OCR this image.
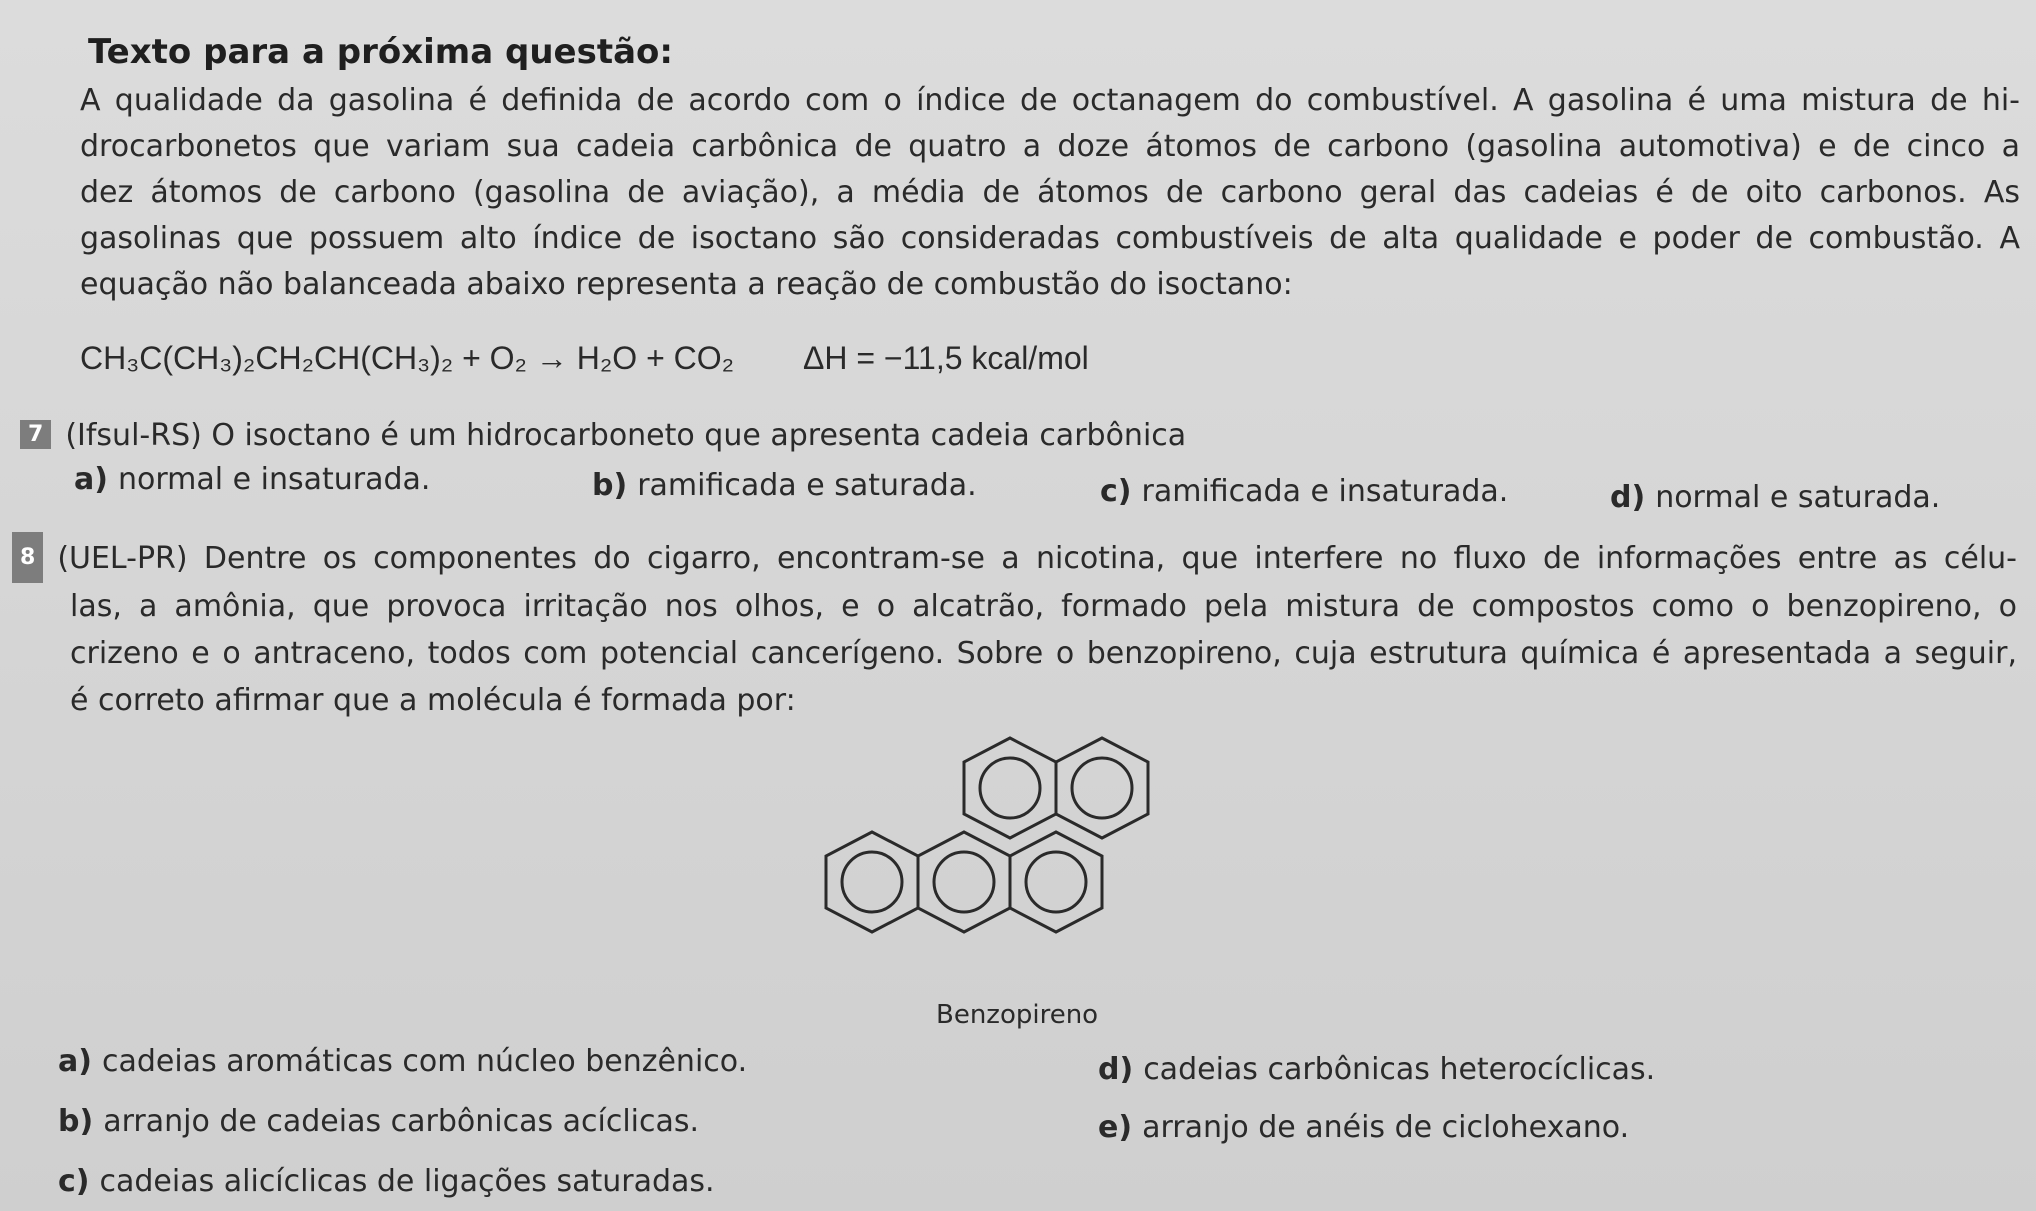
Texto para a próxima questão:
A qualidade da gasolina é definida de acordo com o índice de octanagem do combustível. A gasolina é uma mistura de hi-
drocarbonetos que variam sua cadeia carbônica de quatro a doze átomos de carbono (gasolina automotiva) e de cinco a
dez átomos de carbono (gasolina de aviação), a média de átomos de carbono geral das cadeias é de oito carbonos. As
gasolinas que possuem alto índice de isoctano são consideradas combustíveis de alta qualidade e poder de combustão. A
equação não balanceada abaixo representa a reação de combustão do isoctano:
CH₃C(CH₃)₂CH₂CH(CH₃)₂ + O₂ → H₂O + CO₂ ΔH = −11,5 kcal/mol
7 (Ifsul-RS) O isoctano é um hidrocarboneto que apresenta cadeia carbônica
a) normal e insaturada.	b) ramificada e saturada.	c) ramificada e insaturada.	d) normal e saturada.
8 (UEL-PR) Dentre os componentes do cigarro, encontram-se a nicotina, que interfere no fluxo de informações entre as célu-
las, a amônia, que provoca irritação nos olhos, e o alcatrão, formado pela mistura de compostos como o benzopireno, o
crizeno e o antraceno, todos com potencial cancerígeno. Sobre o benzopireno, cuja estrutura química é apresentada a seguir,
é correto afirmar que a molécula é formada por:
Benzopireno
a) cadeias aromáticas com núcleo benzênico.
b) arranjo de cadeias carbônicas acíclicas.
c) cadeias alicíclicas de ligações saturadas.
d) cadeias carbônicas heterocíclicas.
e) arranjo de anéis de ciclohexano.
